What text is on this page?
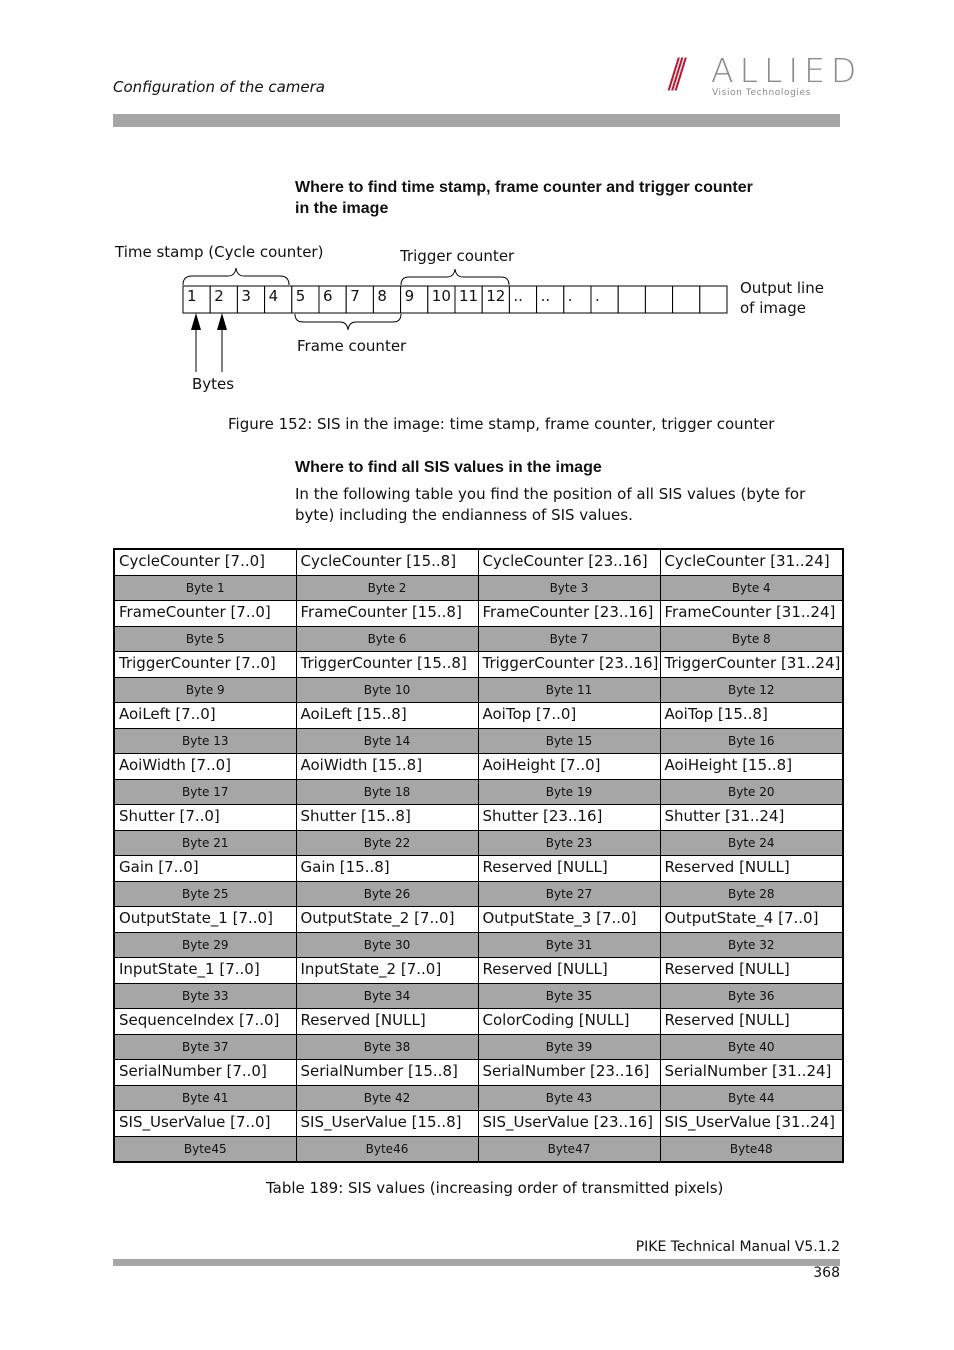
Configuration of the camera	/// ALLIED
Vision Technologies
Where to find time stamp, frame counter and trigger counter
in the image
1 2 3 4 5 6 7 8 9 10 11 12 .. .. . .
Time stamp (Cycle counter)	Trigger counter
Output line
of image
Frame counter
Bytes
Figure 152: SIS in the image: time stamp, frame counter, trigger counter
Where to find all SIS values in the image
In the following table you find the position of all SIS values (byte for byte) including the endianness of SIS values.
CycleCounter [7..0]	CycleCounter [15..8]	CycleCounter [23..16]	CycleCounter [31..24]
Byte 1	Byte 2	Byte 3	Byte 4
FrameCounter [7..0]	FrameCounter [15..8]	FrameCounter [23..16]	FrameCounter [31..24]
Byte 5	Byte 6	Byte 7	Byte 8
TriggerCounter [7..0]	TriggerCounter [15..8]	TriggerCounter [23..16]	TriggerCounter [31..24]
Byte 9	Byte 10	Byte 11	Byte 12
AoiLeft [7..0]	AoiLeft [15..8]	AoiTop [7..0]	AoiTop [15..8]
Byte 13	Byte 14	Byte 15	Byte 16
AoiWidth [7..0]	AoiWidth [15..8]	AoiHeight [7..0]	AoiHeight [15..8]
Byte 17	Byte 18	Byte 19	Byte 20
Shutter [7..0]	Shutter [15..8]	Shutter [23..16]	Shutter [31..24]
Byte 21	Byte 22	Byte 23	Byte 24
Gain [7..0]	Gain [15..8]	Reserved [NULL]	Reserved [NULL]
Byte 25	Byte 26	Byte 27	Byte 28
OutputState_1 [7..0]	OutputState_2 [7..0]	OutputState_3 [7..0]	OutputState_4 [7..0]
Byte 29	Byte 30	Byte 31	Byte 32
InputState_1 [7..0]	InputState_2 [7..0]	Reserved [NULL]	Reserved [NULL]
Byte 33	Byte 34	Byte 35	Byte 36
SequenceIndex [7..0]	Reserved [NULL]	ColorCoding [NULL]	Reserved [NULL]
Byte 37	Byte 38	Byte 39	Byte 40
SerialNumber [7..0]	SerialNumber [15..8]	SerialNumber [23..16]	SerialNumber [31..24]
Byte 41	Byte 42	Byte 43	Byte 44
SIS_UserValue [7..0]	SIS_UserValue [15..8]	SIS_UserValue [23..16]	SIS_UserValue [31..24]
Byte45	Byte46	Byte47	Byte48
Table 189: SIS values (increasing order of transmitted pixels)
PIKE Technical Manual V5.1.2
368
